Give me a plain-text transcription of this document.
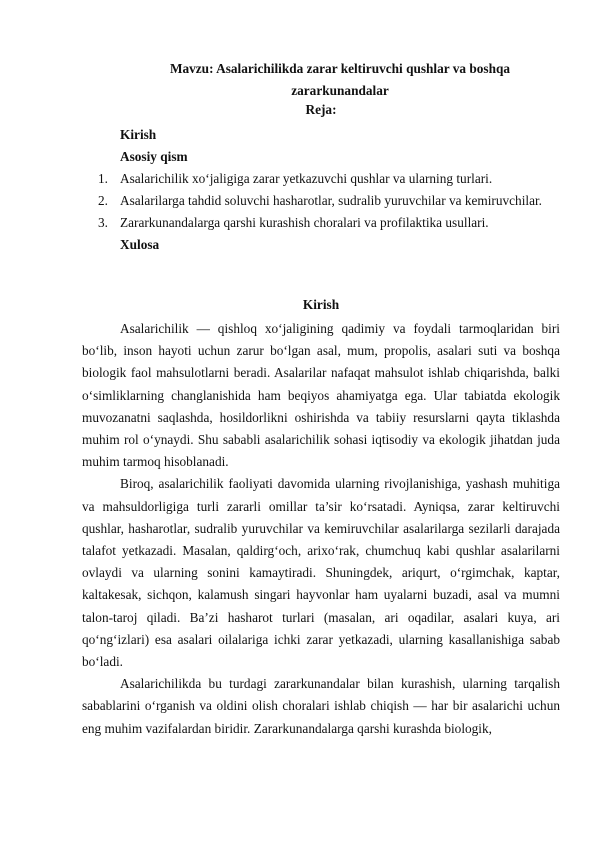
Mavzu: Asalarichilikda zarar keltiruvchi qushlar va boshqa
zararkunandalar
Reja:
Kirish
Asosiy qism
1. Asalarichilik xo‘jaligiga zarar yetkazuvchi qushlar va ularning turlari.
2. Asalarilarga tahdid soluvchi hasharotlar, sudralib yuruvchilar va kemiruvchilar.
3. Zararkunandalarga qarshi kurashish choralari va profilaktika usullari.
Xulosa
Kirish

Asalarichilik — qishloq xo‘jaligining qadimiy va foydali tarmoqlaridan biri bo‘lib, inson hayoti uchun zarur bo‘lgan asal, mum, propolis, asalari suti va boshqa biologik faol mahsulotlarni beradi. Asalarilar nafaqat mahsulot ishlab chiqarishda, balki o‘simliklarning changlanishida ham beqiyos ahamiyatga ega. Ular tabiatda ekologik muvozanatni saqlashda, hosildorlikni oshirishda va tabiiy resurslarni qayta tiklashda muhim rol o‘ynaydi. Shu sababli asalarichilik sohasi iqtisodiy va ekologik jihatdan juda muhim tarmoq hisoblanadi.

Biroq, asalarichilik faoliyati davomida ularning rivojlanishiga, yashash muhitiga va mahsuldorligiga turli zararli omillar ta’sir ko‘rsatadi. Ayniqsa, zarar keltiruvchi qushlar, hasharotlar, sudralib yuruvchilar va kemiruvchilar asalarilarga sezilarli darajada talafot yetkazadi. Masalan, qaldirg‘och, arixo‘rak, chumchuq kabi qushlar asalarilarni ovlaydi va ularning sonini kamaytiradi. Shuningdek, ariqurt, o‘rgimchak, kaptar, kaltakesak, sichqon, kalamush singari hayvonlar ham uyalarni buzadi, asal va mumni talon-taroj qiladi. Ba’zi hasharot turlari (masalan, ari oqadilar, asalari kuya, ari qo‘ng‘izlari) esa asalari oilalariga ichki zarar yetkazadi, ularning kasallanishiga sabab bo‘ladi.

Asalarichilikda bu turdagi zararkunandalar bilan kurashish, ularning tarqalish sabablarini o‘rganish va oldini olish choralari ishlab chiqish — har bir asalarichi uchun eng muhim vazifalardan biridir. Zararkunandalarga qarshi kurashda biologik,
